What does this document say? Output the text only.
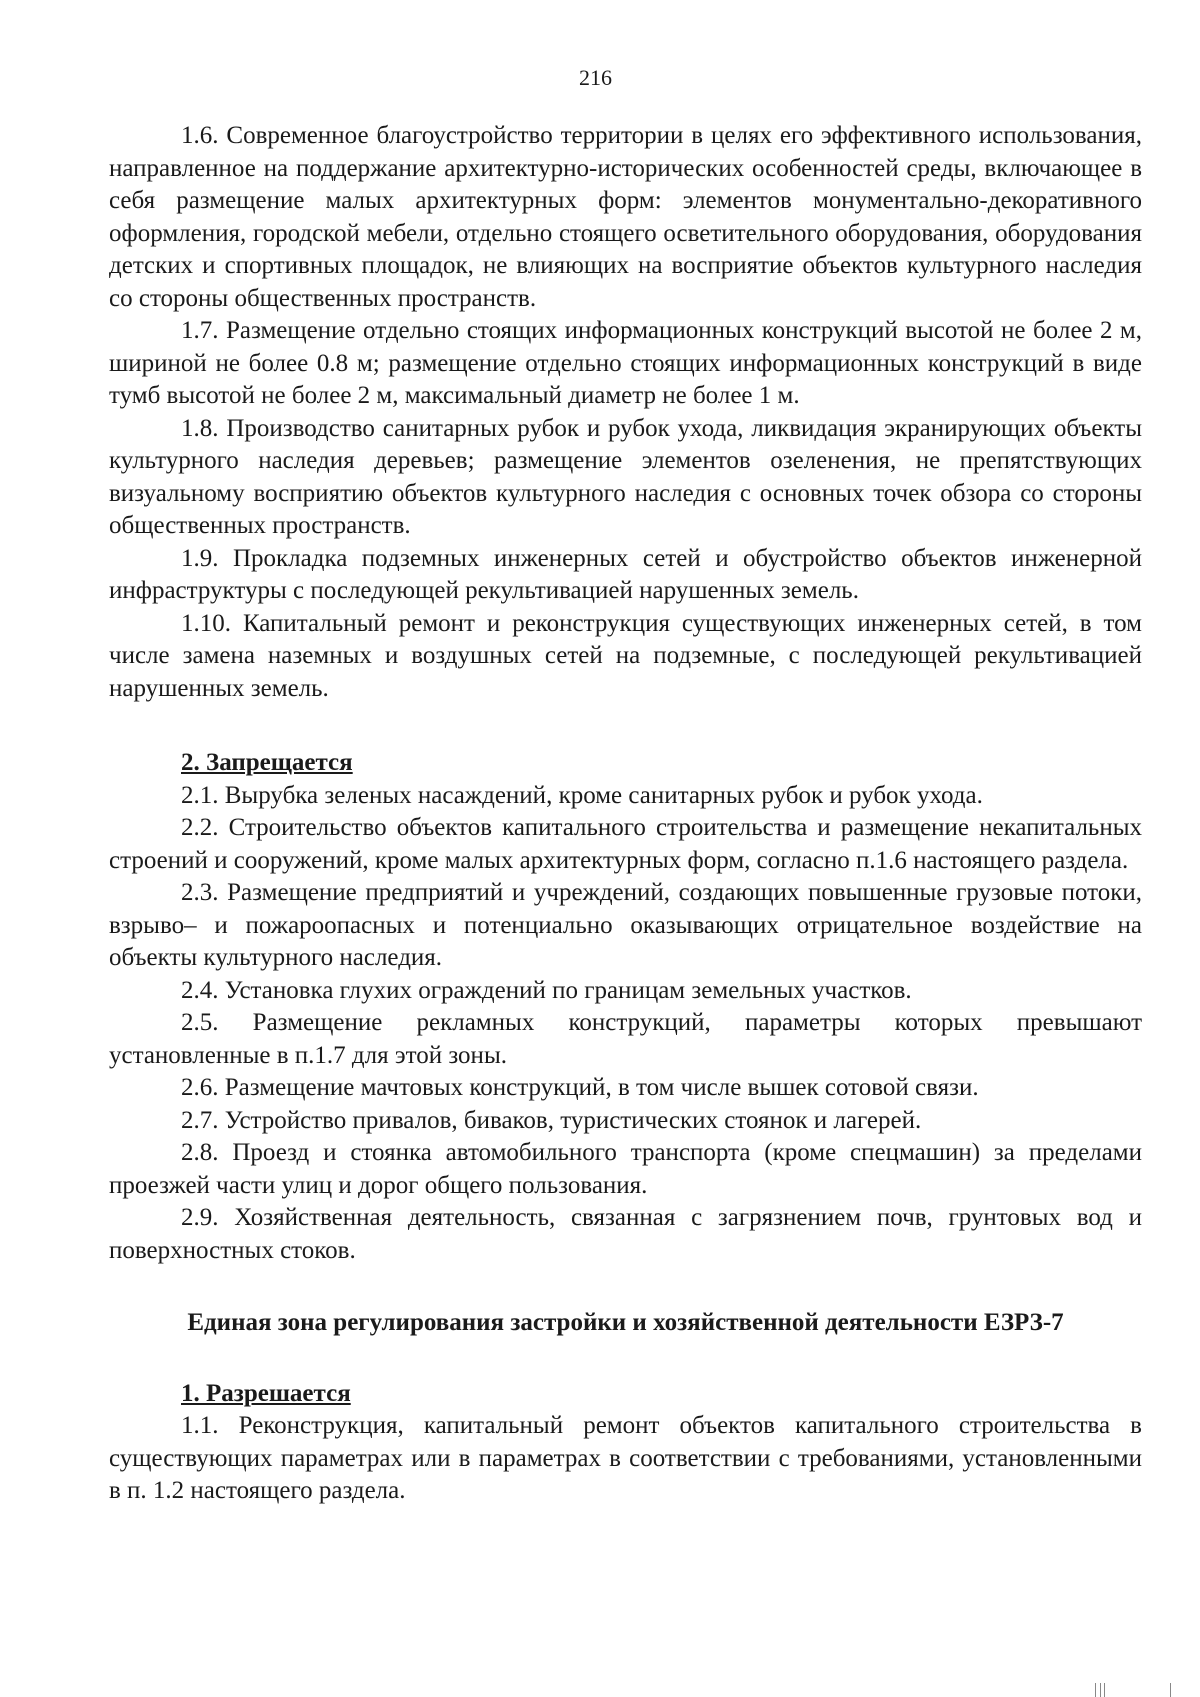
216

1.6. Современное благоустройство территории в целях его эффективного использования, направленное на поддержание архитектурно-исторических особенностей среды, включающее в себя размещение малых архитектурных форм: элементов монументально-декоративного оформления, городской мебели, отдельно стоящего осветительного оборудования, оборудования детских и спортивных площадок, не влияющих на восприятие объектов культурного наследия со стороны общественных пространств.

1.7. Размещение отдельно стоящих информационных конструкций высотой не более 2 м, шириной не более 0.8 м; размещение отдельно стоящих информационных конструкций в виде тумб высотой не более 2 м, максимальный диаметр не более 1 м.

1.8. Производство санитарных рубок и рубок ухода, ликвидация экранирующих объекты культурного наследия деревьев; размещение элементов озеленения, не препятствующих визуальному восприятию объектов культурного наследия с основных точек обзора со стороны общественных пространств.

1.9. Прокладка подземных инженерных сетей и обустройство объектов инженерной инфраструктуры с последующей рекультивацией нарушенных земель.

1.10. Капитальный ремонт и реконструкция существующих инженерных сетей, в том числе замена наземных и воздушных сетей на подземные, с последующей рекультивацией нарушенных земель.

2. Запрещается

2.1. Вырубка зеленых насаждений, кроме санитарных рубок и рубок ухода.

2.2. Строительство объектов капитального строительства и размещение некапитальных строений и сооружений, кроме малых архитектурных форм, согласно п.1.6 настоящего раздела.

2.3. Размещение предприятий и учреждений, создающих повышенные грузовые потоки, взрыво– и пожароопасных и потенциально оказывающих отрицательное воздействие на объекты культурного наследия.

2.4. Установка глухих ограждений по границам земельных участков.

2.5. Размещение рекламных конструкций, параметры которых превышают установленные в п.1.7 для этой зоны.

2.6. Размещение мачтовых конструкций, в том числе вышек сотовой связи.

2.7. Устройство привалов, биваков, туристических стоянок и лагерей.

2.8. Проезд и стоянка автомобильного транспорта (кроме спецмашин) за пределами проезжей части улиц и дорог общего пользования.

2.9. Хозяйственная деятельность, связанная с загрязнением почв, грунтовых вод и поверхностных стоков.

Единая зона регулирования застройки и хозяйственной деятельности ЕЗРЗ-7
1. Разрешается

1.1. Реконструкция, капитальный ремонт объектов капитального строительства в существующих параметрах или в параметрах в соответствии с требованиями, установленными в п. 1.2 настоящего раздела.
